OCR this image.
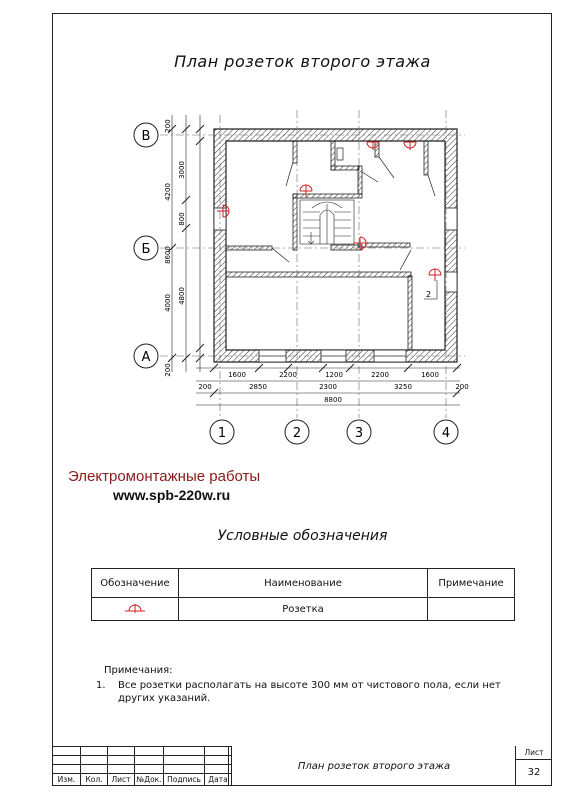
План розеток второго этажа
2
В
Б
А
1	2	3	4
200
4200
8600
4000
200
3000
800
4800
1600	2200	1200	2200	1600
200	2850	2300	3250	200
8800
Электромонтажные работы
www.spb-220w.ru
Условные обозначения
Обозначение	Наименование	Примечание
	Розетка	
Примечания:
1.	Все розетки располагать на высоте 300 мм от чистового пола, если нет других указаний.

Изм.	Кол.	Лист	№Док.	Подпись	Дата
План розеток второго этажа
Лист
32
